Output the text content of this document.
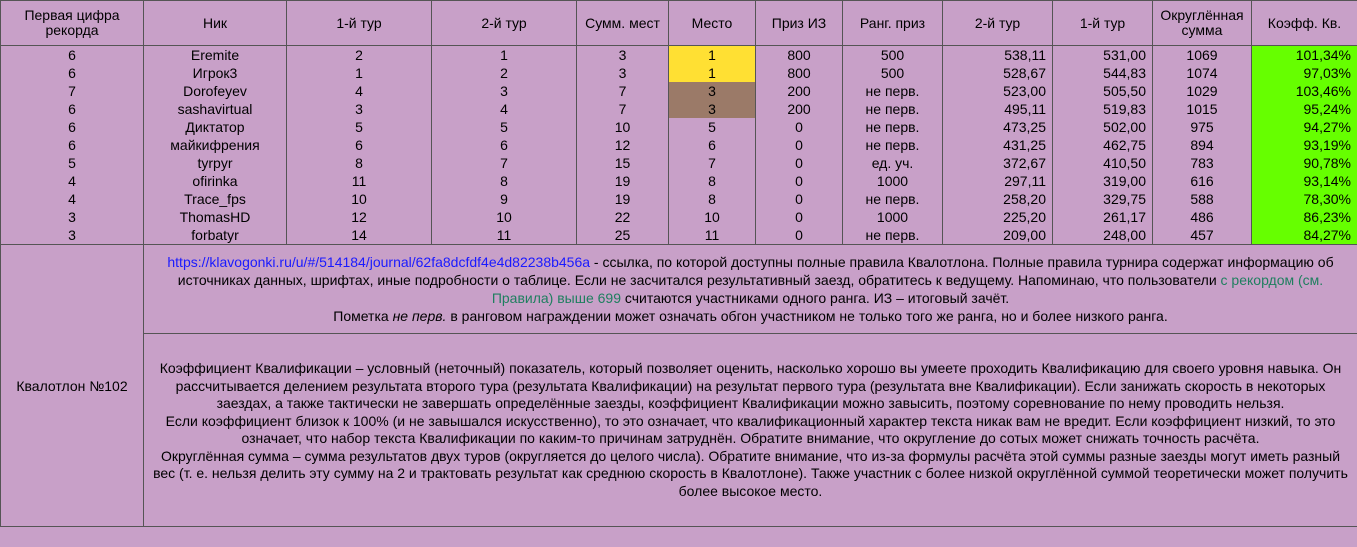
Первая цифра рекорда	Ник	1-й тур	2-й тур	Сумм. мест	Место	Приз ИЗ	Ранг. приз	2-й тур	1-й тур	Округлённая сумма	Коэфф. Кв.
6	Eremite	2	1	3	1	800	500	538,11	531,00	1069	101,34%
6	Игрок3	1	2	3	1	800	500	528,67	544,83	1074	97,03%
7	Dorofeyev	4	3	7	3	200	не перв.	523,00	505,50	1029	103,46%
6	sashavirtual	3	4	7	3	200	не перв.	495,11	519,83	1015	95,24%
6	Диктатор	5	5	10	5	0	не перв.	473,25	502,00	975	94,27%
6	майкифрения	6	6	12	6	0	не перв.	431,25	462,75	894	93,19%
5	tyrpyr	8	7	15	7	0	ед. уч.	372,67	410,50	783	90,78%
4	ofirinka	11	8	19	8	0	1000	297,11	319,00	616	93,14%
4	Trace_fps	10	9	19	8	0	не перв.	258,20	329,75	588	78,30%
3	ThomasHD	12	10	22	10	0	1000	225,20	261,17	486	86,23%
3	forbatyr	14	11	25	11	0	не перв.	209,00	248,00	457	84,27%
Квалотлон №102	https://klavogonki.ru/u/#/514184/journal/62fa8dcfdf4e4d82238b456a - ссылка, по которой доступны полные правила Квалотлона. Полные правила турнира содержат информацию об источниках данных, шрифтах, иные подробности о таблице. Если не засчитался результативный заезд, обратитесь к ведущему. Напоминаю, что пользователи с рекордом (см. Правила) выше 699 считаются участниками одного ранга. ИЗ – итоговый зачёт.
Пометка не перв. в ранговом награждении может означать обгон участником не только того же ранга, но и более низкого ранга.										
	Коэффициент Квалификации – условный (неточный) показатель, который позволяет оценить, насколько хорошо вы умеете проходить Квалификацию для своего уровня навыка. Он рассчитывается делением результата второго тура (результата Квалификации) на результат первого тура (результата вне Квалификации). Если занижать скорость в некоторых заездах, а также тактически не завершать определённые заезды, коэффициент Квалификации можно завысить, поэтому соревнование по нему проводить нельзя.
Если коэффициент близок к 100% (и не завышался искусственно), то это означает, что квалификационный характер текста никак вам не вредит. Если коэффициент низкий, то это означает, что набор текста Квалификации по каким-то причинам затруднён. Обратите внимание, что округление до сотых может снижать точность расчёта.
Округлённая сумма – сумма результатов двух туров (округляется до целого числа). Обратите внимание, что из-за формулы расчёта этой суммы разные заезды могут иметь разный вес (т. е. нельзя делить эту сумму на 2 и трактовать результат как среднюю скорость в Квалотлоне). Также участник с более низкой округлённой суммой теоретически может получить более высокое место.										
